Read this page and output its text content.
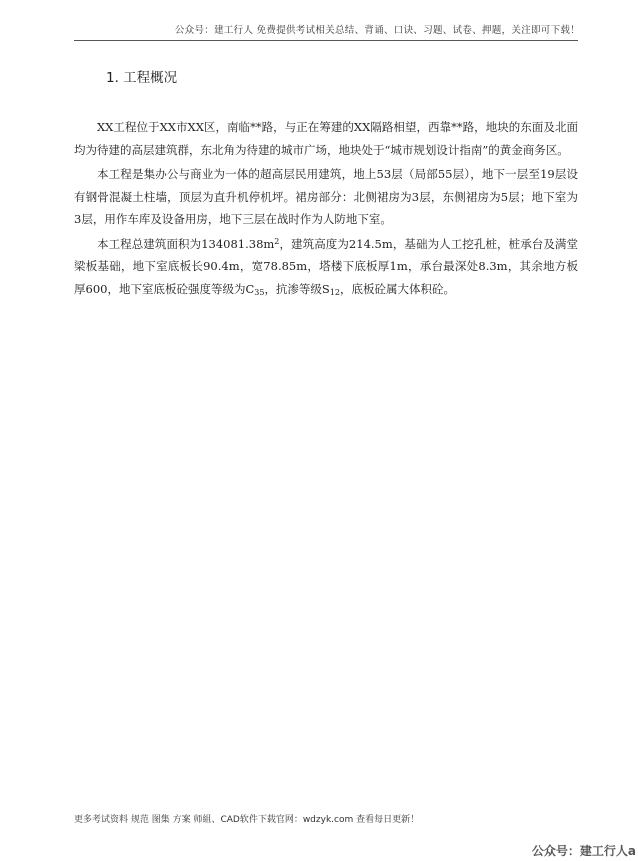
公众号：建工行人 免费提供考试相关总结、背诵、口诀、习题、试卷、押题，关注即可下载！
1. 工程概况

XX工程位于XX市XX区，南临**路，与正在筹建的XX隔路相望，西靠**路，地块的东面及北面均为待建的高层建筑群，东北角为待建的城市广场，地块处于“城市规划设计指南”的黄金商务区。

本工程是集办公与商业为一体的超高层民用建筑，地上53层（局部55层），地下一层至19层设有钢骨混凝土柱墙，顶层为直升机停机坪。裙房部分：北侧裙房为3层，东侧裙房为5层；地下室为3层，用作车库及设备用房，地下三层在战时作为人防地下室。

本工程总建筑面积为$134081.38m^2$，建筑高度为214.5m，基础为人工挖孔桩，桩承台及满堂梁板基础，地下室底板长90.4m，宽78.85m，塔楼下底板厚1m，承台最深处8.3m，其余地方板厚600，地下室底板砼强度等级为$C_{35}$，抗渗等级$S_{12}$，底板砼属大体积砼。

更多考试资料 规范 图集 方案 师組、CAD软件下载官网：wdzyk.com 查看每日更新！
公众号：建工行人a
